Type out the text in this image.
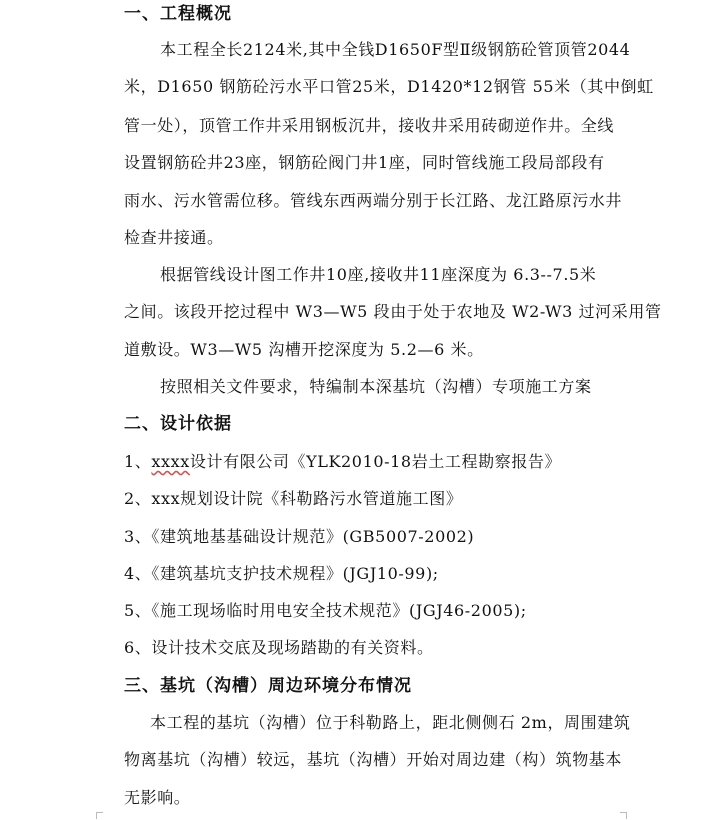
一、工程概况
本工程全长2124米,其中全钱D1650F型Ⅱ级钢筋砼管顶管2044
米，D1650 钢筋砼污水平口管25米，D1420*12钢管 55米（其中倒虹
管一处），顶管工作井采用钢板沉井，接收井采用砖砌逆作井。全线
设置钢筋砼井23座，钢筋砼阀门井1座，同时管线施工段局部段有
雨水、污水管需位移。管线东西两端分别于长江路、龙江路原污水井
检查井接通。
根据管线设计图工作井10座,接收井11座深度为 6.3--7.5米
之间。该段开挖过程中 W3—W5 段由于处于农地及 W2-W3 过河采用管
道敷设。W3—W5 沟槽开挖深度为 5.2—6 米。
按照相关文件要求，特编制本深基坑（沟槽）专项施工方案
二、设计依据
1、xxxx设计有限公司《YLK2010-18岩土工程勘察报告》
2、xxx规划设计院《科勒路污水管道施工图》
3、《建筑地基基础设计规范》(GB5007-2002)
4、《建筑基坑支护技术规程》(JGJ10-99);
5、《施工现场临时用电安全技术规范》(JGJ46-2005);
6、设计技术交底及现场踏勘的有关资料。
三、基坑（沟槽）周边环境分布情况
本工程的基坑（沟槽）位于科勒路上，距北侧侧石 2m，周围建筑
物离基坑（沟槽）较远，基坑（沟槽）开始对周边建（构）筑物基本
无影响。
